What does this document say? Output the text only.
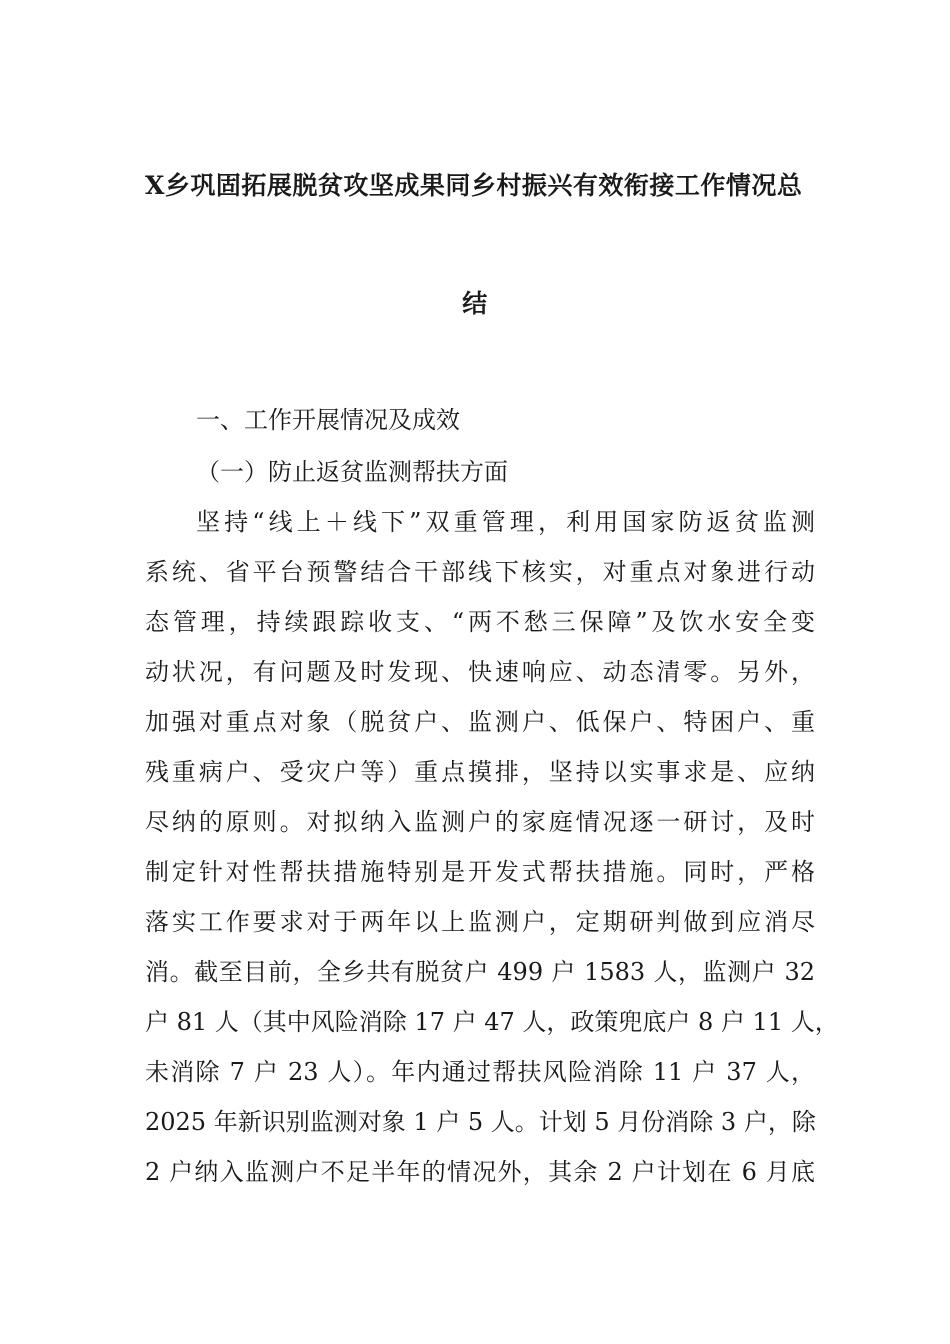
X乡巩固拓展脱贫攻坚成果同乡村振兴有效衔接工作情况总
结
一、工作开展情况及成效
（一）防止返贫监测帮扶方面
坚持“线上＋线下”双重管理，利用国家防返贫监测
系统、省平台预警结合干部线下核实，对重点对象进行动
态管理，持续跟踪收支、“两不愁三保障”及饮水安全变
动状况，有问题及时发现、快速响应、动态清零。另外，
加强对重点对象（脱贫户、监测户、低保户、特困户、重
残重病户、受灾户等）重点摸排，坚持以实事求是、应纳
尽纳的原则。对拟纳入监测户的家庭情况逐一研讨，及时
制定针对性帮扶措施特别是开发式帮扶措施。同时，严格
落实工作要求对于两年以上监测户，定期研判做到应消尽
消。截至目前，全乡共有脱贫户 499 户 1583 人，监测户 32
户 81 人（其中风险消除 17 户 47 人，政策兜底户 8 户 11 人，
未消除 7 户 23 人）。年内通过帮扶风险消除 11 户 37 人，
2025 年新识别监测对象 1 户 5 人。计划 5 月份消除 3 户，除
2 户纳入监测户不足半年的情况外，其余 2 户计划在 6 月底
